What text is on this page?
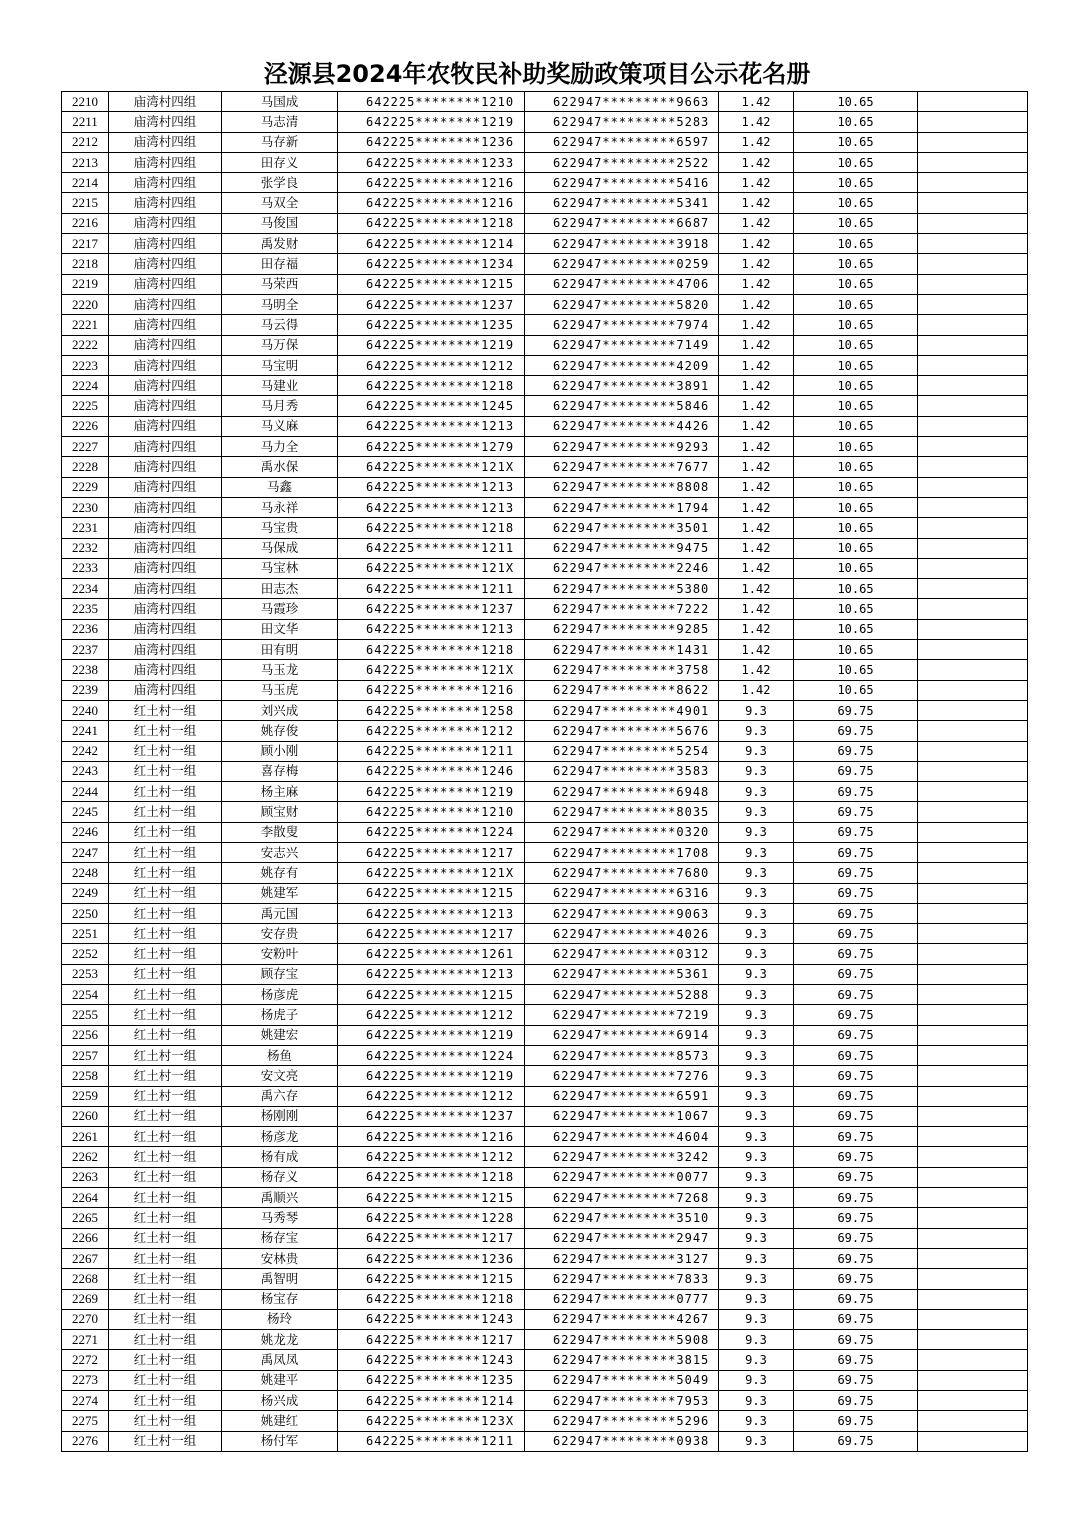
泾源县2024年农牧民补助奖励政策项目公示花名册
2210	庙湾村四组	马国成	642225********1210	622947*********9663	1.42	10.65	
2211	庙湾村四组	马志清	642225********1219	622947*********5283	1.42	10.65	
2212	庙湾村四组	马存新	642225********1236	622947*********6597	1.42	10.65	
2213	庙湾村四组	田存义	642225********1233	622947*********2522	1.42	10.65	
2214	庙湾村四组	张学良	642225********1216	622947*********5416	1.42	10.65	
2215	庙湾村四组	马双全	642225********1216	622947*********5341	1.42	10.65	
2216	庙湾村四组	马俊国	642225********1218	622947*********6687	1.42	10.65	
2217	庙湾村四组	禹发财	642225********1214	622947*********3918	1.42	10.65	
2218	庙湾村四组	田存福	642225********1234	622947*********0259	1.42	10.65	
2219	庙湾村四组	马荣西	642225********1215	622947*********4706	1.42	10.65	
2220	庙湾村四组	马明全	642225********1237	622947*********5820	1.42	10.65	
2221	庙湾村四组	马云得	642225********1235	622947*********7974	1.42	10.65	
2222	庙湾村四组	马万保	642225********1219	622947*********7149	1.42	10.65	
2223	庙湾村四组	马宝明	642225********1212	622947*********4209	1.42	10.65	
2224	庙湾村四组	马建业	642225********1218	622947*********3891	1.42	10.65	
2225	庙湾村四组	马月秀	642225********1245	622947*********5846	1.42	10.65	
2226	庙湾村四组	马义麻	642225********1213	622947*********4426	1.42	10.65	
2227	庙湾村四组	马力全	642225********1279	622947*********9293	1.42	10.65	
2228	庙湾村四组	禹水保	642225********121X	622947*********7677	1.42	10.65	
2229	庙湾村四组	马鑫	642225********1213	622947*********8808	1.42	10.65	
2230	庙湾村四组	马永祥	642225********1213	622947*********1794	1.42	10.65	
2231	庙湾村四组	马宝贵	642225********1218	622947*********3501	1.42	10.65	
2232	庙湾村四组	马保成	642225********1211	622947*********9475	1.42	10.65	
2233	庙湾村四组	马宝林	642225********121X	622947*********2246	1.42	10.65	
2234	庙湾村四组	田志杰	642225********1211	622947*********5380	1.42	10.65	
2235	庙湾村四组	马霞珍	642225********1237	622947*********7222	1.42	10.65	
2236	庙湾村四组	田文华	642225********1213	622947*********9285	1.42	10.65	
2237	庙湾村四组	田有明	642225********1218	622947*********1431	1.42	10.65	
2238	庙湾村四组	马玉龙	642225********121X	622947*********3758	1.42	10.65	
2239	庙湾村四组	马玉虎	642225********1216	622947*********8622	1.42	10.65	
2240	红土村一组	刘兴成	642225********1258	622947*********4901	9.3	69.75	
2241	红土村一组	姚存俊	642225********1212	622947*********5676	9.3	69.75	
2242	红土村一组	顾小刚	642225********1211	622947*********5254	9.3	69.75	
2243	红土村一组	喜存梅	642225********1246	622947*********3583	9.3	69.75	
2244	红土村一组	杨主麻	642225********1219	622947*********6948	9.3	69.75	
2245	红土村一组	顾宝财	642225********1210	622947*********8035	9.3	69.75	
2246	红土村一组	李散叟	642225********1224	622947*********0320	9.3	69.75	
2247	红土村一组	安志兴	642225********1217	622947*********1708	9.3	69.75	
2248	红土村一组	姚存有	642225********121X	622947*********7680	9.3	69.75	
2249	红土村一组	姚建军	642225********1215	622947*********6316	9.3	69.75	
2250	红土村一组	禹元国	642225********1213	622947*********9063	9.3	69.75	
2251	红土村一组	安存贵	642225********1217	622947*********4026	9.3	69.75	
2252	红土村一组	安粉叶	642225********1261	622947*********0312	9.3	69.75	
2253	红土村一组	顾存宝	642225********1213	622947*********5361	9.3	69.75	
2254	红土村一组	杨彦虎	642225********1215	622947*********5288	9.3	69.75	
2255	红土村一组	杨虎子	642225********1212	622947*********7219	9.3	69.75	
2256	红土村一组	姚建宏	642225********1219	622947*********6914	9.3	69.75	
2257	红土村一组	杨鱼	642225********1224	622947*********8573	9.3	69.75	
2258	红土村一组	安文亮	642225********1219	622947*********7276	9.3	69.75	
2259	红土村一组	禹六存	642225********1212	622947*********6591	9.3	69.75	
2260	红土村一组	杨刚刚	642225********1237	622947*********1067	9.3	69.75	
2261	红土村一组	杨彦龙	642225********1216	622947*********4604	9.3	69.75	
2262	红土村一组	杨有成	642225********1212	622947*********3242	9.3	69.75	
2263	红土村一组	杨存义	642225********1218	622947*********0077	9.3	69.75	
2264	红土村一组	禹顺兴	642225********1215	622947*********7268	9.3	69.75	
2265	红土村一组	马秀琴	642225********1228	622947*********3510	9.3	69.75	
2266	红土村一组	杨存宝	642225********1217	622947*********2947	9.3	69.75	
2267	红土村一组	安林贵	642225********1236	622947*********3127	9.3	69.75	
2268	红土村一组	禹智明	642225********1215	622947*********7833	9.3	69.75	
2269	红土村一组	杨宝存	642225********1218	622947*********0777	9.3	69.75	
2270	红土村一组	杨玲	642225********1243	622947*********4267	9.3	69.75	
2271	红土村一组	姚龙龙	642225********1217	622947*********5908	9.3	69.75	
2272	红土村一组	禹凤凤	642225********1243	622947*********3815	9.3	69.75	
2273	红土村一组	姚建平	642225********1235	622947*********5049	9.3	69.75	
2274	红土村一组	杨兴成	642225********1214	622947*********7953	9.3	69.75	
2275	红土村一组	姚建红	642225********123X	622947*********5296	9.3	69.75	
2276	红土村一组	杨付军	642225********1211	622947*********0938	9.3	69.75	
